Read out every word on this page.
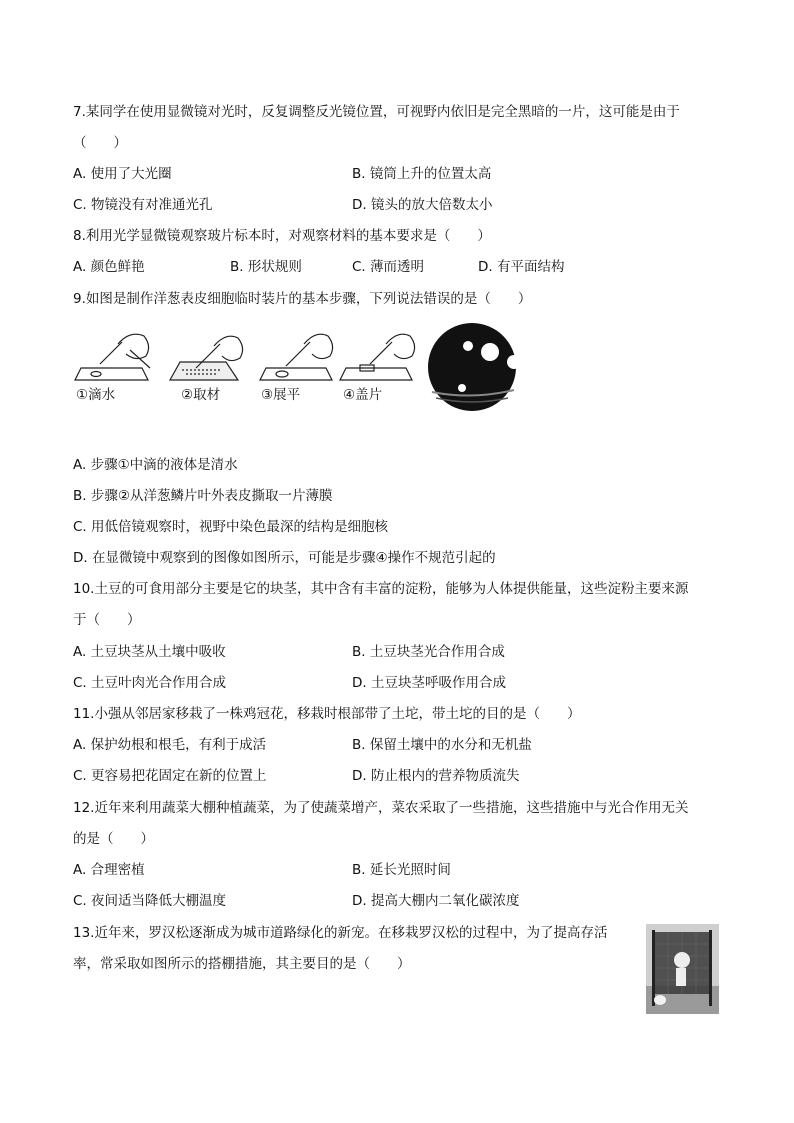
7.某同学在使用显微镜对光时，反复调整反光镜位置，可视野内依旧是完全黑暗的一片，这可能是由于
（　　）
A. 使用了大光圈	B. 镜筒上升的位置太高
C. 物镜没有对准通光孔	D. 镜头的放大倍数太小
8.利用光学显微镜观察玻片标本时，对观察材料的基本要求是（　　）
A. 颜色鲜艳	B. 形状规则	C. 薄而透明	D. 有平面结构
9.如图是制作洋葱表皮细胞临时装片的基本步骤，下列说法错误的是（　　）
①滴水	②取材	③展平	④盖片
A. 步骤①中滴的液体是清水
B. 步骤②从洋葱鳞片叶外表皮撕取一片薄膜
C. 用低倍镜观察时，视野中染色最深的结构是细胞核
D. 在显微镜中观察到的图像如图所示，可能是步骤④操作不规范引起的
10.土豆的可食用部分主要是它的块茎，其中含有丰富的淀粉，能够为人体提供能量，这些淀粉主要来源
于（　　）
A. 土豆块茎从土壤中吸收	B. 土豆块茎光合作用合成
C. 土豆叶肉光合作用合成	D. 土豆块茎呼吸作用合成
11.小强从邻居家移栽了一株鸡冠花，移栽时根部带了土坨，带土坨的目的是（　　）
A. 保护幼根和根毛，有利于成活	B. 保留土壤中的水分和无机盐
C. 更容易把花固定在新的位置上	D. 防止根内的营养物质流失
12.近年来利用蔬菜大棚种植蔬菜，为了使蔬菜增产，菜农采取了一些措施，这些措施中与光合作用无关
的是（　　）
A. 合理密植	B. 延长光照时间
C. 夜间适当降低大棚温度	D. 提高大棚内二氧化碳浓度
13.近年来，罗汉松逐渐成为城市道路绿化的新宠。在移栽罗汉松的过程中，为了提高存活
率，常采取如图所示的搭棚措施，其主要目的是（　　）
